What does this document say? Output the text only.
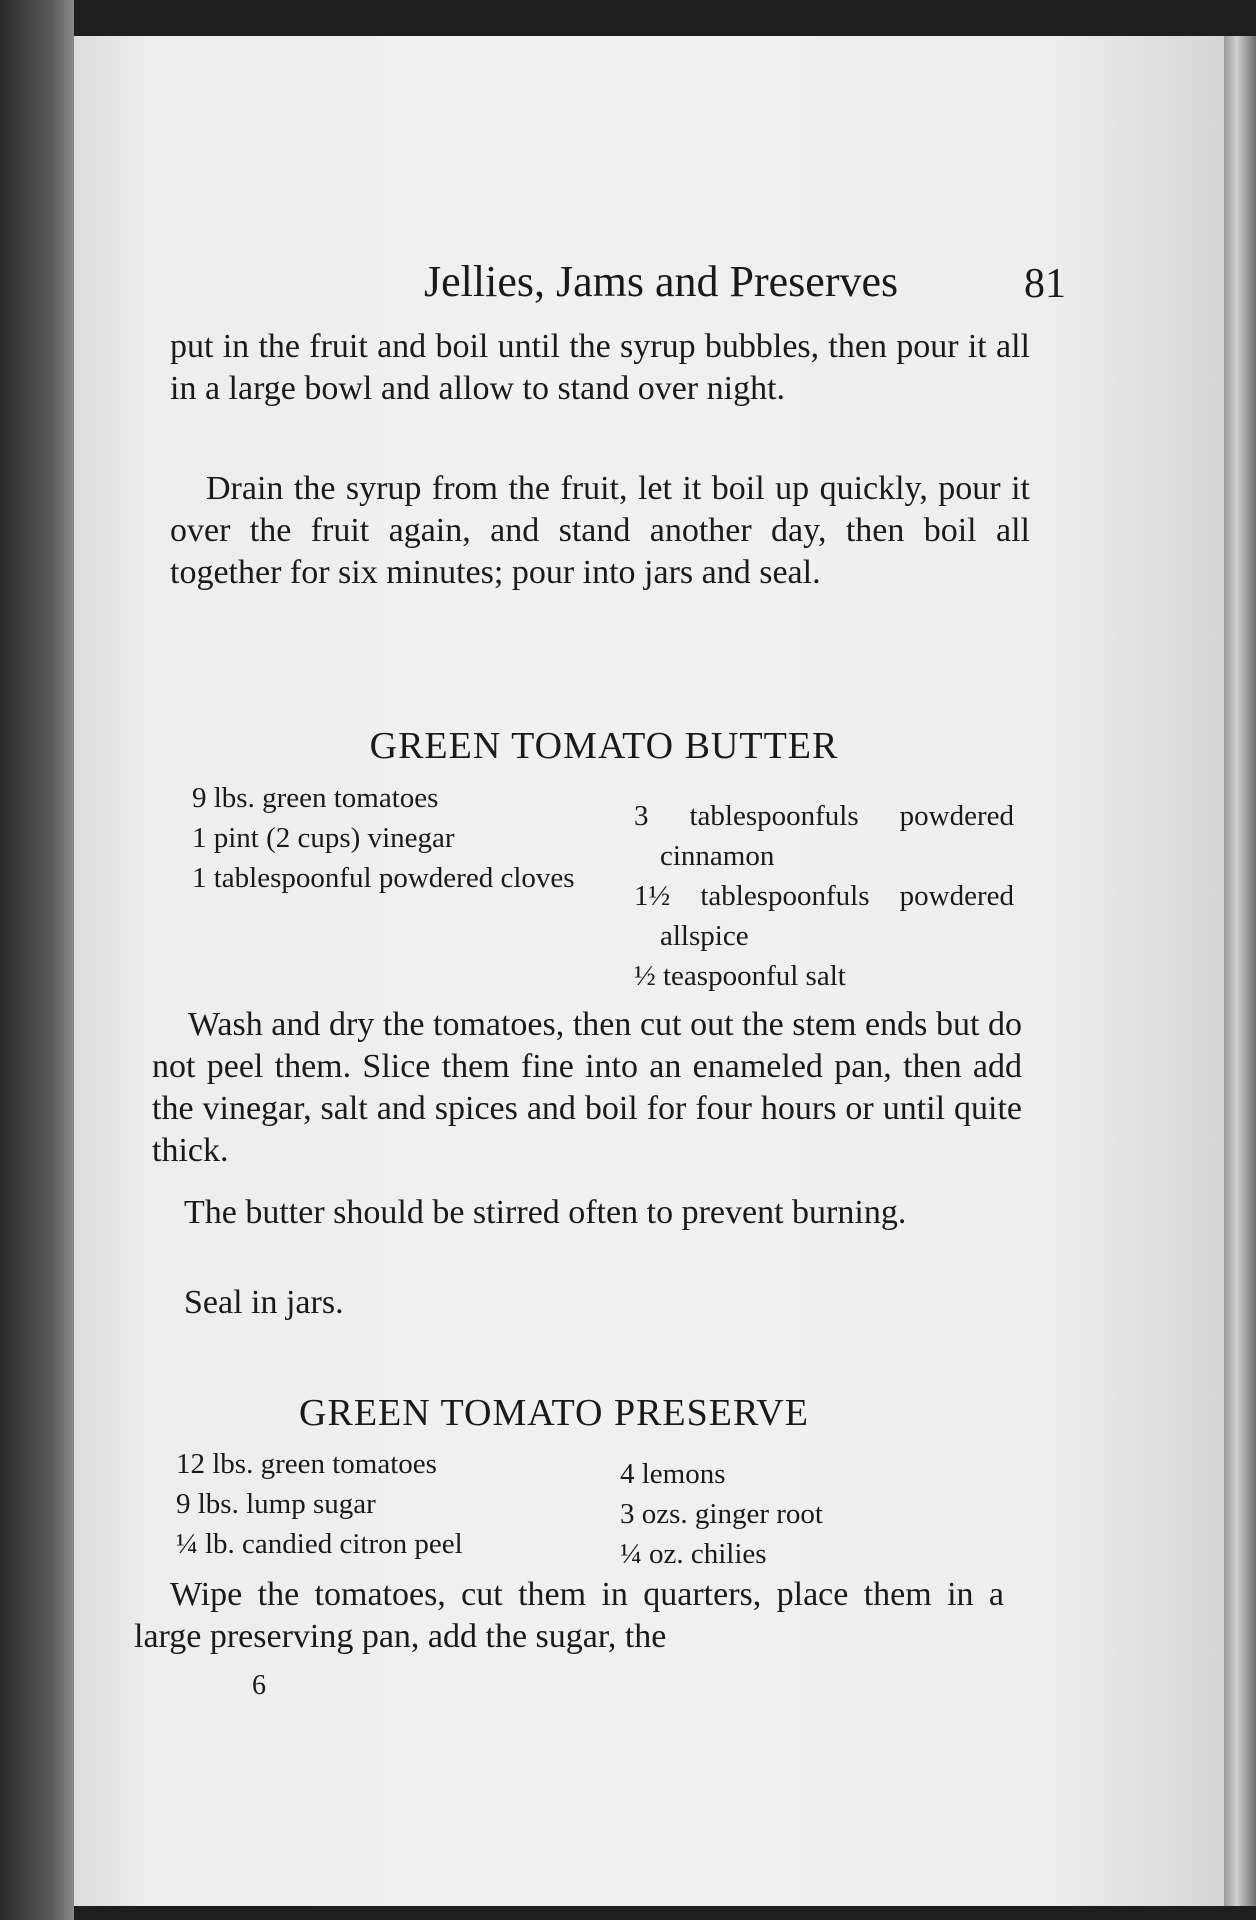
Jellies, Jams and Preserves	81

put in the fruit and boil until the syrup bubbles, then pour it all in a large bowl and allow to stand over night.

Drain the syrup from the fruit, let it boil up quickly, pour it over the fruit again, and stand another day, then boil all together for six minutes; pour into jars and seal.

GREEN TOMATO BUTTER
9 lbs. green tomatoes
1 pint (2 cups) vinegar
1 tablespoonful powdered cloves
3 tablespoonfuls powdered cinnamon
1½ tablespoonfuls powdered allspice
½ teaspoonful salt

Wash and dry the tomatoes, then cut out the stem ends but do not peel them. Slice them fine into an enameled pan, then add the vinegar, salt and spices and boil for four hours or until quite thick.

The butter should be stirred often to prevent burning.

Seal in jars.

GREEN TOMATO PRESERVE
12 lbs. green tomatoes
9 lbs. lump sugar
¼ lb. candied citron peel
4 lemons
3 ozs. ginger root
¼ oz. chilies

Wipe the tomatoes, cut them in quarters, place them in a large preserving pan, add the sugar, the

6
